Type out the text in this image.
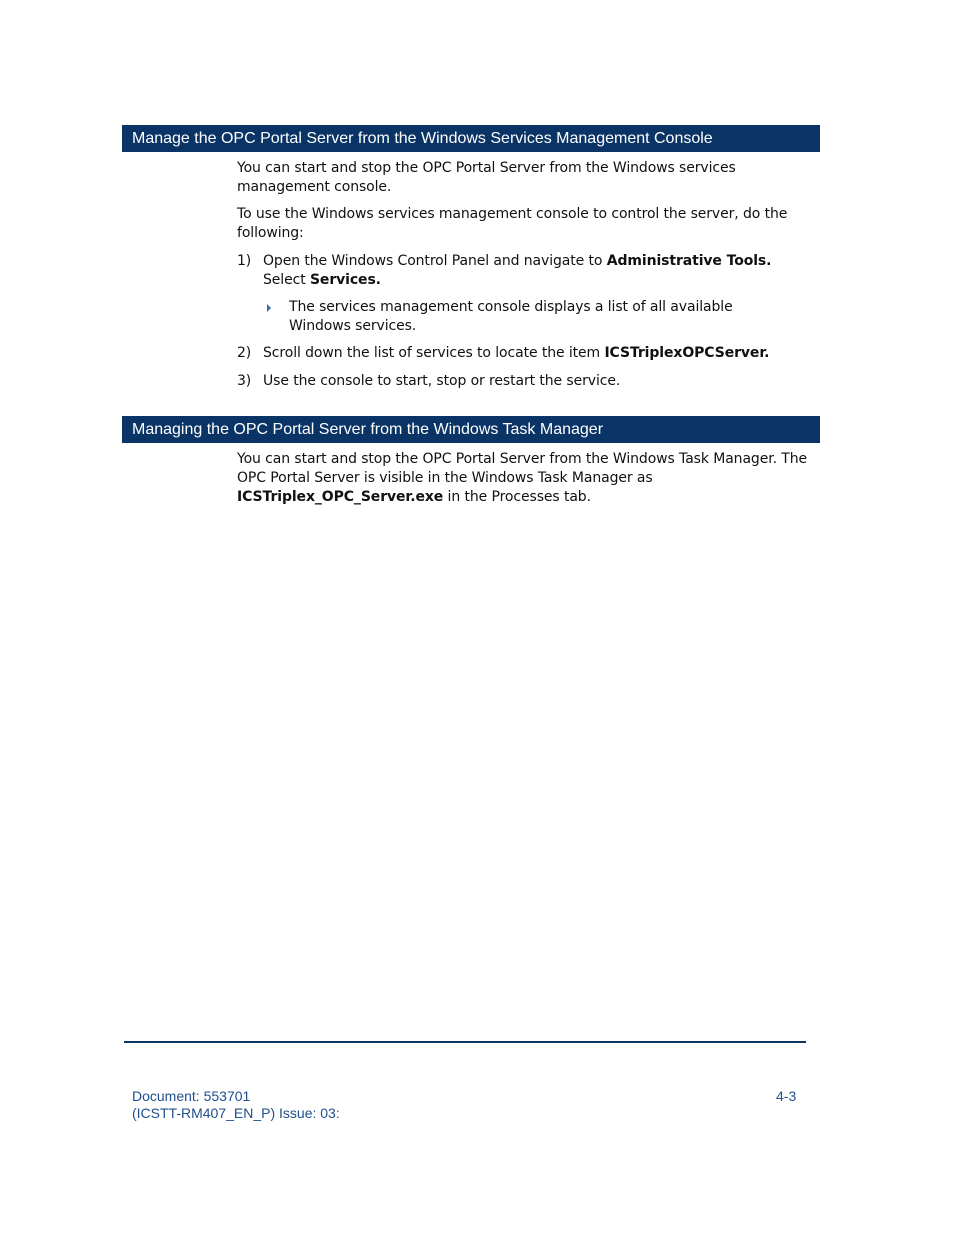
Manage the OPC Portal Server from the Windows Services Management Console

You can start and stop the OPC Portal Server from the Windows services management console.

To use the Windows services management console to control the server, do the following:

1) Open the Windows Control Panel and navigate to Administrative Tools. Select Services.
The services management console displays a list of all available Windows services.
2) Scroll down the list of services to locate the item ICSTriplexOPCServer.
3) Use the console to start, stop or restart the service.
Managing the OPC Portal Server from the Windows Task Manager

You can start and stop the OPC Portal Server from the Windows Task Manager. The OPC Portal Server is visible in the Windows Task Manager as ICSTriplex_OPC_Server.exe in the Processes tab.

Document: 553701
(ICSTT-RM407_EN_P) Issue: 03:
4-3
